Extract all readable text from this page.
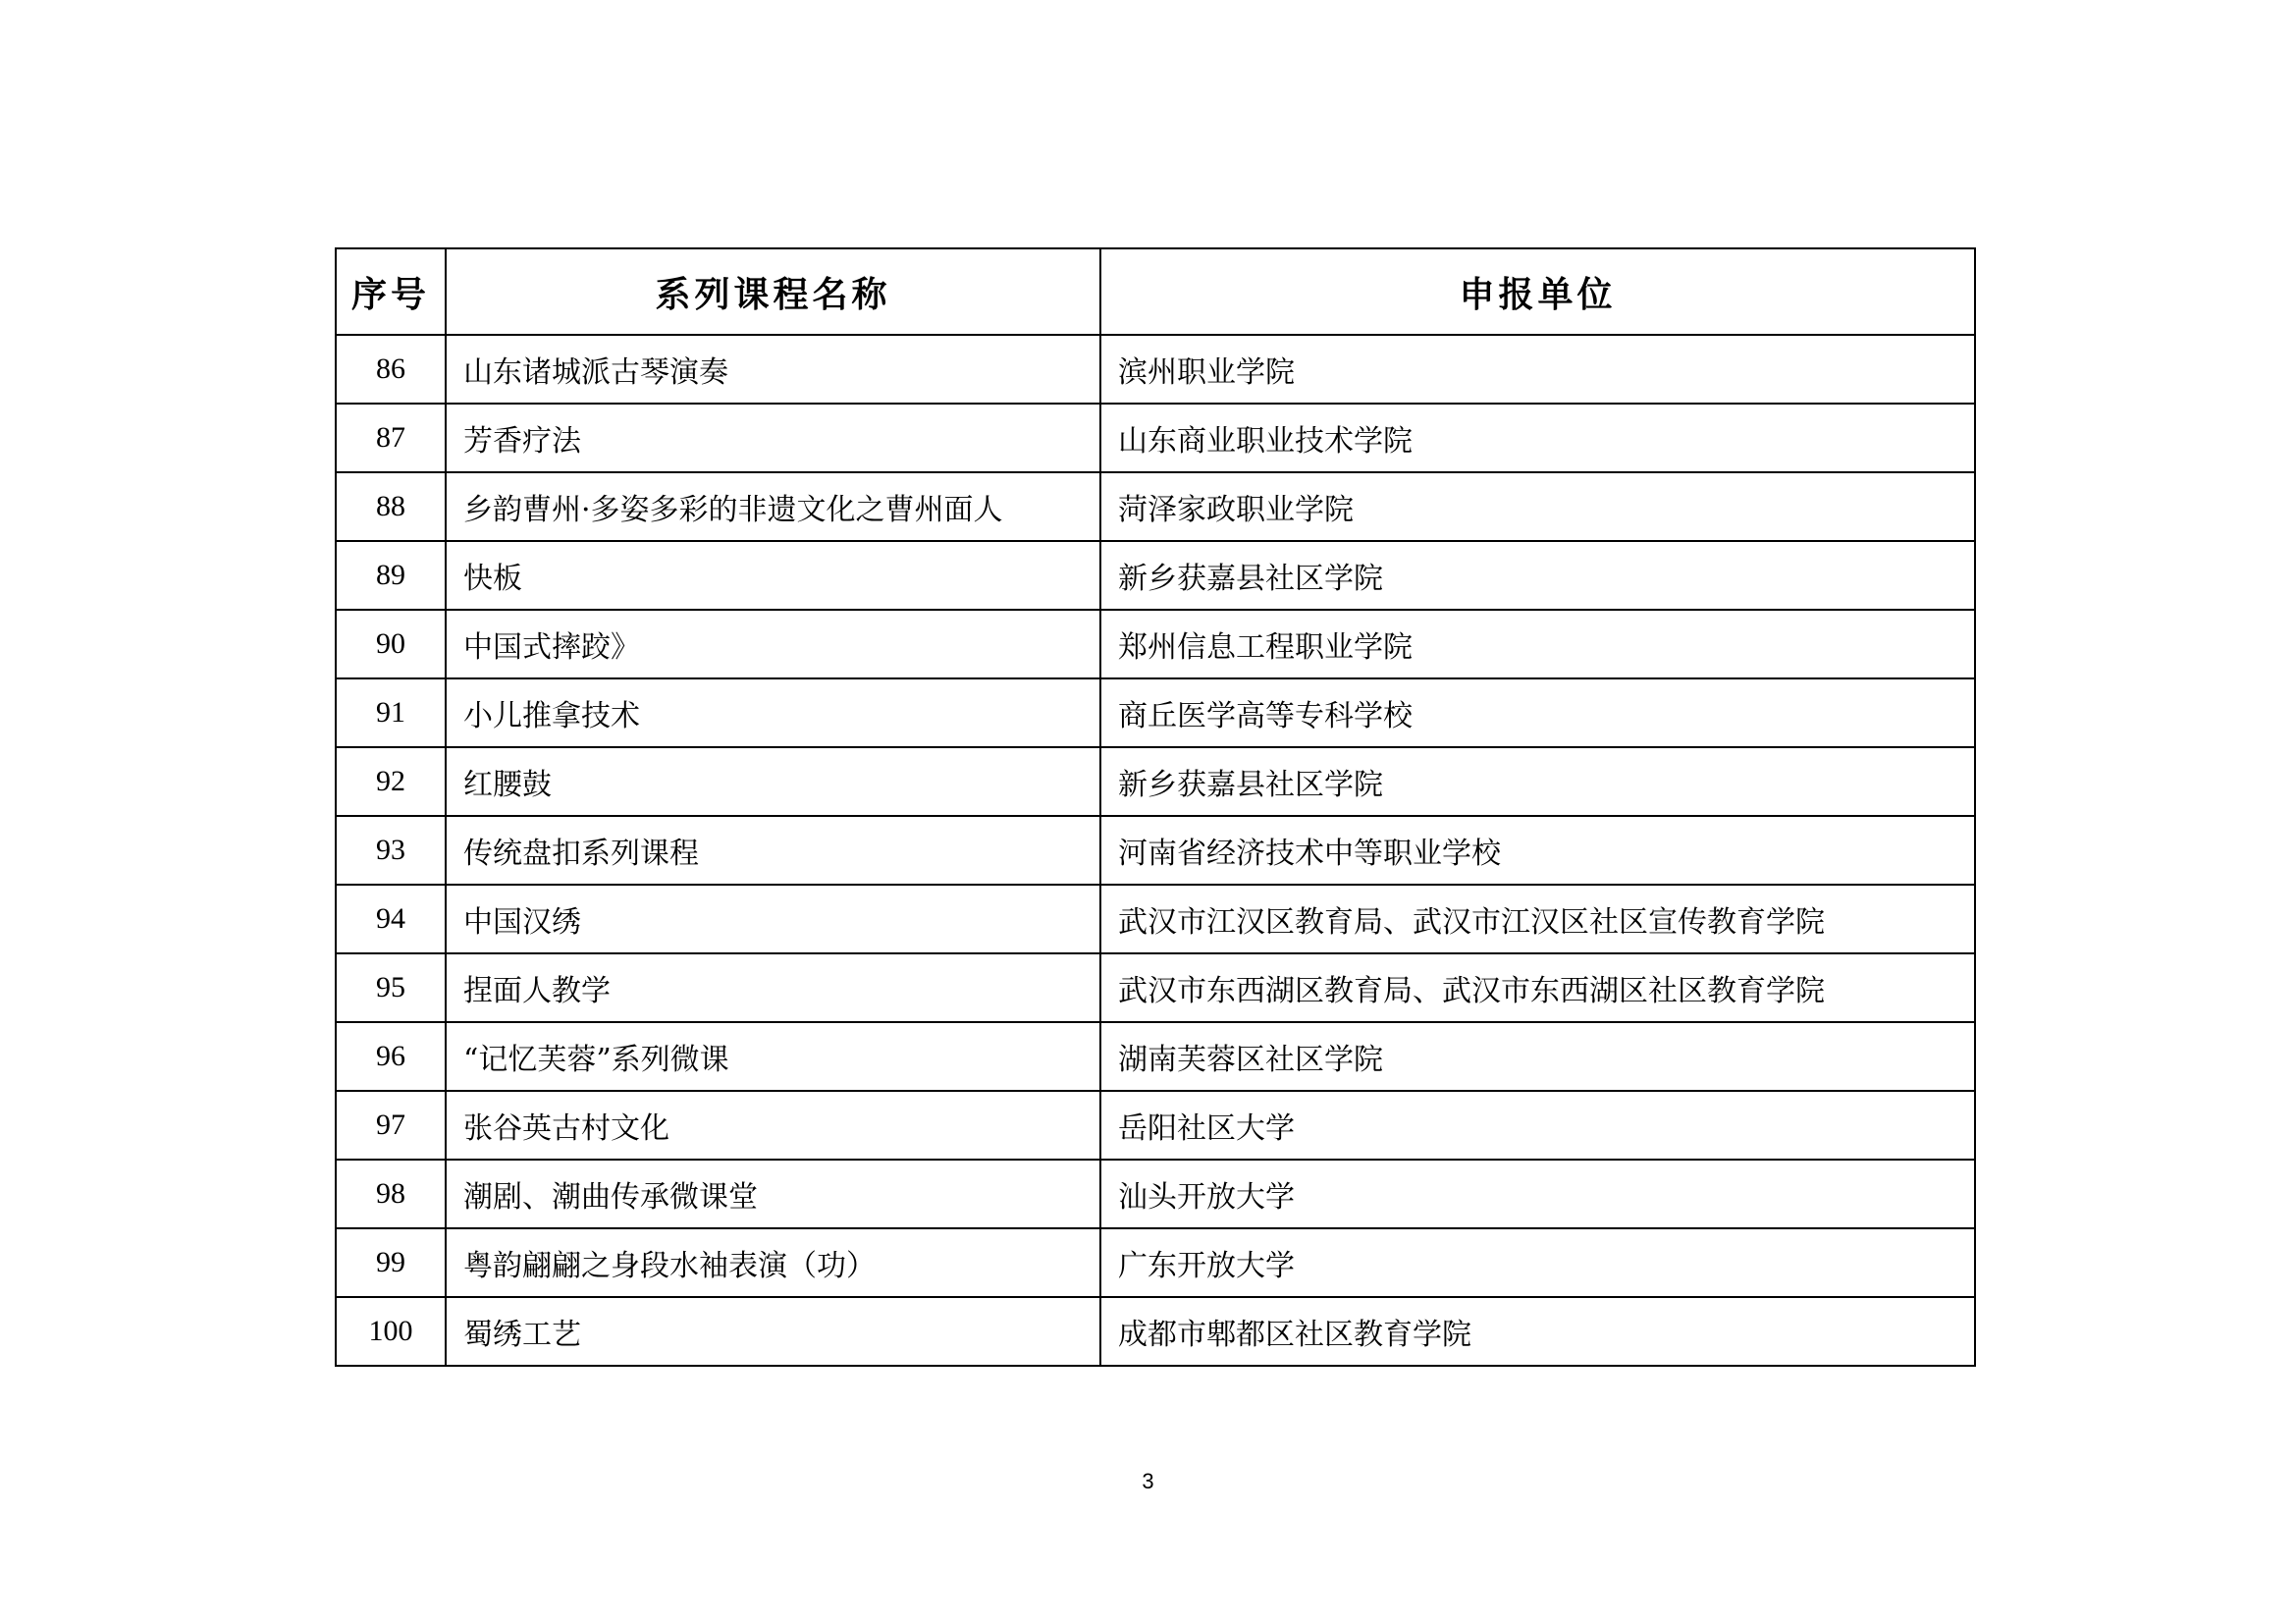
序号	系列课程名称	申报单位
86	山东诸城派古琴演奏	滨州职业学院
87	芳香疗法	山东商业职业技术学院
88	乡韵曹州·多姿多彩的非遗文化之曹州面人	菏泽家政职业学院
89	快板	新乡获嘉县社区学院
90	中国式摔跤》	郑州信息工程职业学院
91	小儿推拿技术	商丘医学高等专科学校
92	红腰鼓	新乡获嘉县社区学院
93	传统盘扣系列课程	河南省经济技术中等职业学校
94	中国汉绣	武汉市江汉区教育局、武汉市江汉区社区宣传教育学院
95	捏面人教学	武汉市东西湖区教育局、武汉市东西湖区社区教育学院
96	“记忆芙蓉”系列微课	湖南芙蓉区社区学院
97	张谷英古村文化	岳阳社区大学
98	潮剧、潮曲传承微课堂	汕头开放大学
99	粤韵翩翩之身段水袖表演（功）	广东开放大学
100	蜀绣工艺	成都市郫都区社区教育学院
3
